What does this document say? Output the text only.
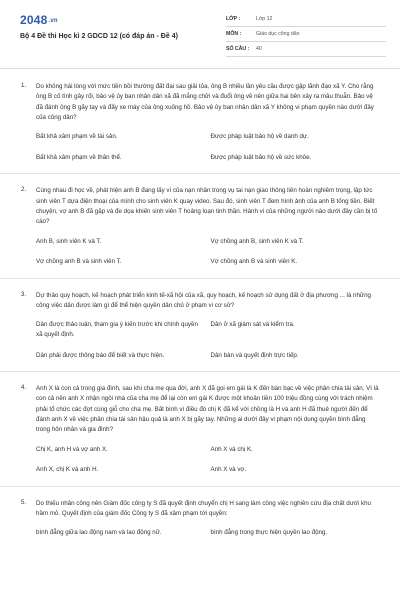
2048.vn
Bộ 4 Đề thi Học kì 2 GDCD 12 (có đáp án - Đề 4)
LỚP :	Lớp 12
MÔN :	Giáo dục công dân
SỐ CÂU :	40
1. Do không hài lòng với mức tiền bồi thường đất đai sau giải tỏa, ông B nhiều lần yêu cầu được gặp lãnh đạo xã Y. Cho rằng ông B cố tình gây rối, bảo vệ ủy ban nhân dân xã đã mắng chửi và đuổi ông về nên giữa hai bên xảy ra mâu thuẫn. Bảo vệ đã đánh ông B gãy tay và đẩy xe máy của ông xuống hồ. Bảo vệ ủy ban nhân dân xã Y không vi phạm quyền nào dưới đây của công dân?
Bất khả xâm phạm về tài sản.	Được pháp luật bảo hộ về danh dự.
Bất khả xâm phạm về thân thể.	Được pháp luật bảo hộ về sức khỏe.
2. Cùng nhau đi học về, phát hiện anh B đang lấy ví của nạn nhân trong vụ tai nạn giao thông liên hoàn nghiêm trọng, lập tức sinh viên T dựa điện thoại của mình cho sinh viên K quay video. Sau đó, sinh viên T đem hình ảnh của anh B tống tiền. Biết chuyện, vợ anh B đã gặp và đe dọa khiến sinh viên T hoảng loạn tinh thần. Hành vi của những người nào dưới đây cần bị tố cáo?
Anh B, sinh viên K và T.	Vợ chồng anh B, sinh viên K và T.
Vợ chồng anh B và sinh viên T.	Vợ chồng anh B và sinh viên K.
3. Dự thảo quy hoạch, kế hoạch phát triển kinh tế-xã hội của xã, quy hoạch, kế hoạch sử dụng đất ở địa phương ... là những công việc dân được làm gì để thể hiện quyền dân chủ ở phạm vi cơ sở?
Dân được thảo luận, tham gia ý kiến trước khi chính quyền xã quyết định.
Dân ở xã giám sát và kiểm tra.
Dân phải được thông báo để biết và thực hiện.	Dân bàn và quyết định trực tiếp.
4. Anh X là con cả trong gia đình, sau khi cha mẹ qua đời, anh X đã gọi em gái là K đến bàn bạc về việc phân chia tài sản. Vì là con cả nên anh X nhận ngôi nhà của cha mẹ để lại còn em gái K được một khoản tiền 100 triệu đồng cùng với trách nhiệm phải tổ chức các đợt cúng giỗ cho cha mẹ. Bất bình vì điều đó chị K đã kể với chồng là H và anh H đã thuê người đến để đánh anh X về việc phân chia tài sản hậu quả là anh X bị gãy tay. Những ai dưới đây vi phạm nội dung quyền bình đẳng trong hôn nhân và gia đình?
Chị K, anh H và vợ anh X.	Anh X và chị K.
Anh X, chị K và anh H.	Anh X và vợ.
5. Do thiếu nhân công nên Giám đốc công ty S đã quyết định chuyển chị H sang làm công việc nghiên cứu địa chất dưới khu hầm mỏ. Quyết định của giám đốc Công ty S đã xâm phạm tới quyền:
bình đẳng giữa lao động nam và lao động nữ.	bình đẳng trong thực hiện quyền lao động.
